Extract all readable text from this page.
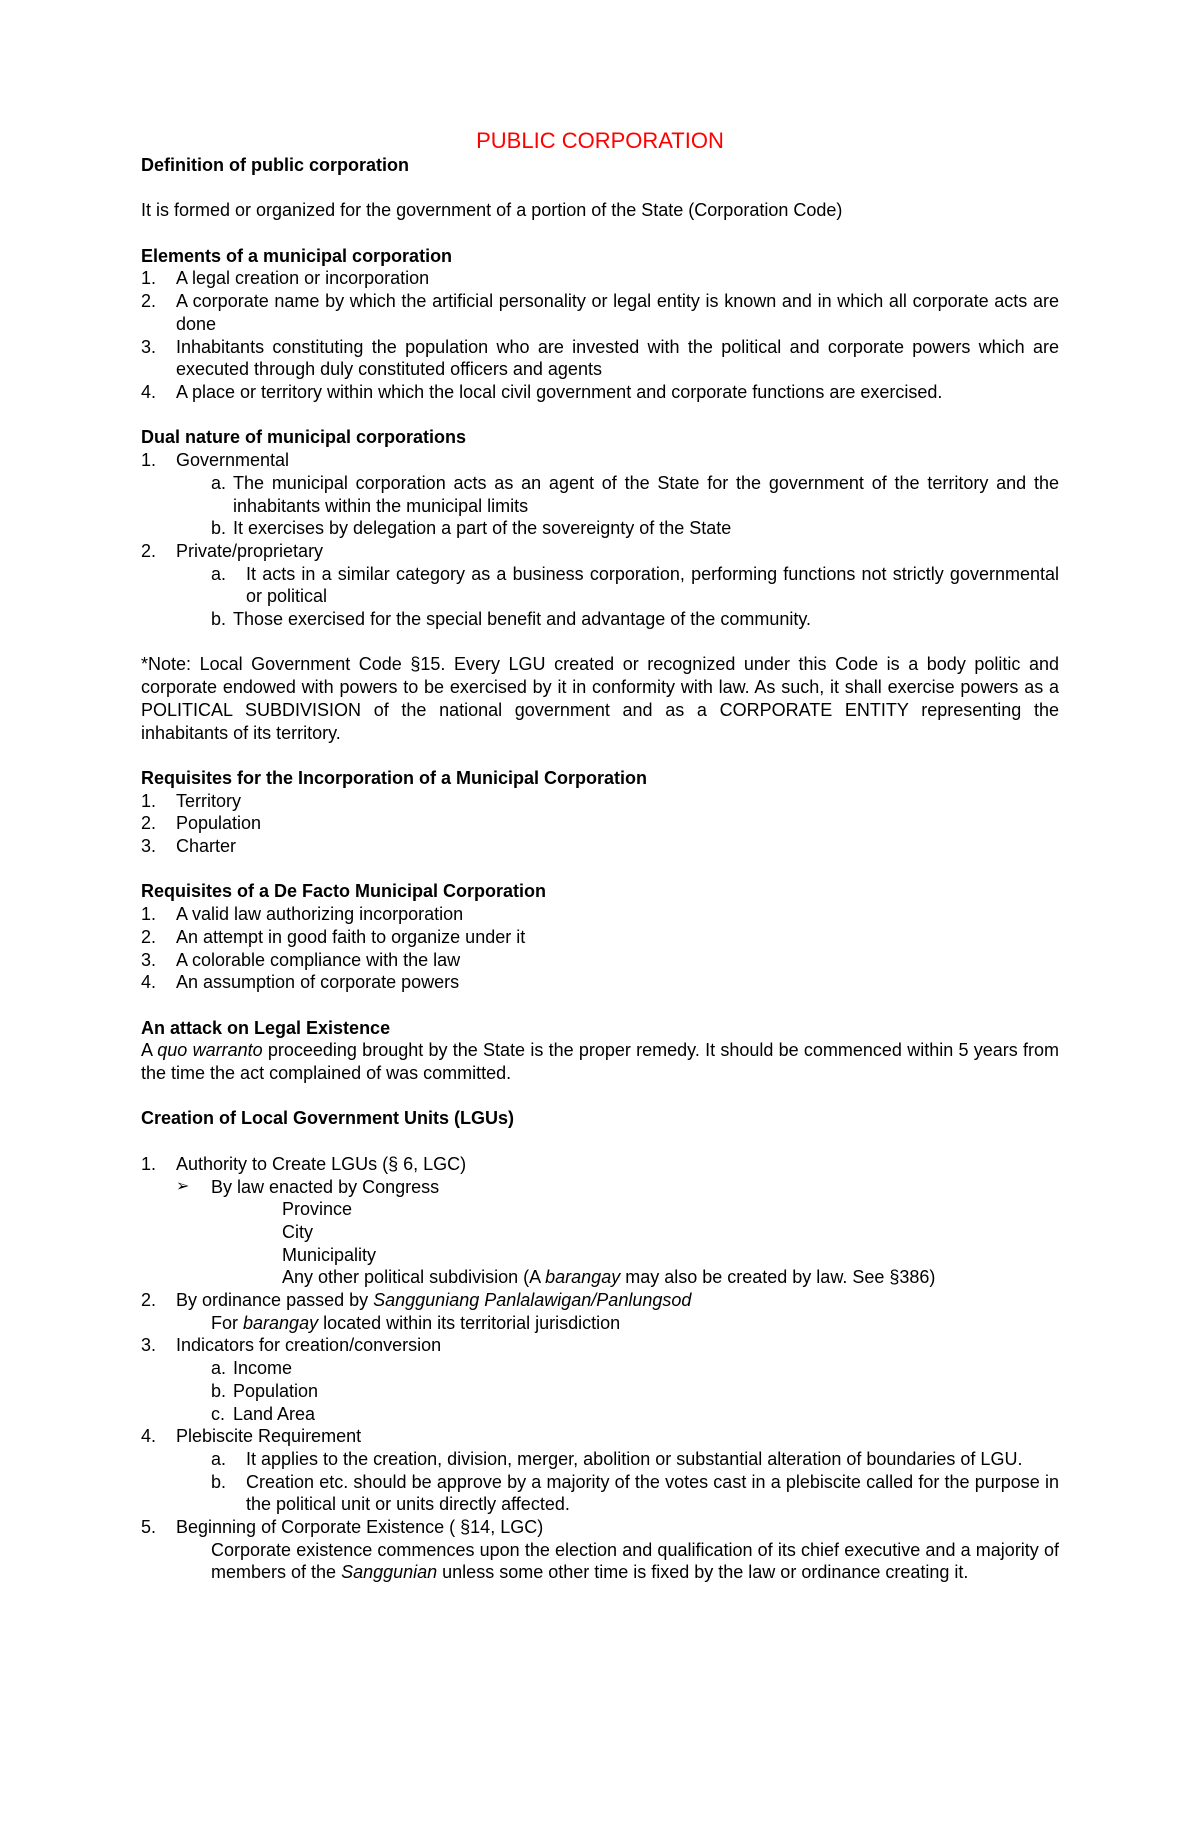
PUBLIC CORPORATION
Definition of public corporation
It is formed or organized for the government of a portion of the State (Corporation Code)
Elements of a municipal corporation
1.	A legal creation or incorporation
2.	A corporate name by which the artificial personality or legal entity is known and in which all corporate acts are done
3.	Inhabitants constituting the population who are invested with the political and corporate powers which are executed through duly constituted officers and agents
4.	A place or territory within which the local civil government and corporate functions are exercised.
Dual nature of municipal corporations
1.	Governmental
a. The municipal corporation acts as an agent of the State for the government of the territory and the inhabitants within the municipal limits
b. It exercises by delegation a part of the sovereignty of the State
2.	Private/proprietary
a.	It acts in a similar category as a business corporation, performing functions not strictly governmental or political
b. Those exercised for the special benefit and advantage of the community.
*Note: Local Government Code §15. Every LGU created or recognized under this Code is a body politic and corporate endowed with powers to be exercised by it in conformity with law. As such, it shall exercise powers as a POLITICAL SUBDIVISION of the national government and as a CORPORATE ENTITY representing the inhabitants of its territory.
Requisites for the Incorporation of a Municipal Corporation
1.	Territory
2.	Population
3.	Charter
Requisites of a De Facto Municipal Corporation
1.	A valid law authorizing incorporation
2.	An attempt in good faith to organize under it
3.	A colorable compliance with the law
4.	An assumption of corporate powers
An attack on Legal Existence
A quo warranto proceeding brought by the State is the proper remedy. It should be commenced within 5 years from the time the act complained of was committed.
Creation of Local Government Units (LGUs)
1.	Authority to Create LGUs (§ 6, LGC)
➢	By law enacted by Congress
Province
City
Municipality
Any other political subdivision (A barangay may also be created by law. See §386)
2.	By ordinance passed by Sangguniang Panlalawigan/Panlungsod
For barangay located within its territorial jurisdiction
3.	Indicators for creation/conversion
a. Income
b. Population
c. Land Area
4.	Plebiscite Requirement
a.	It applies to the creation, division, merger, abolition or substantial alteration of boundaries of LGU.
b.	Creation etc. should be approve by a majority of the votes cast in a plebiscite called for the purpose in the political unit or units directly affected.
5.	Beginning of Corporate Existence ( §14, LGC)
Corporate existence commences upon the election and qualification of its chief executive and a majority of members of the Sanggunian unless some other time is fixed by the law or ordinance creating it.
